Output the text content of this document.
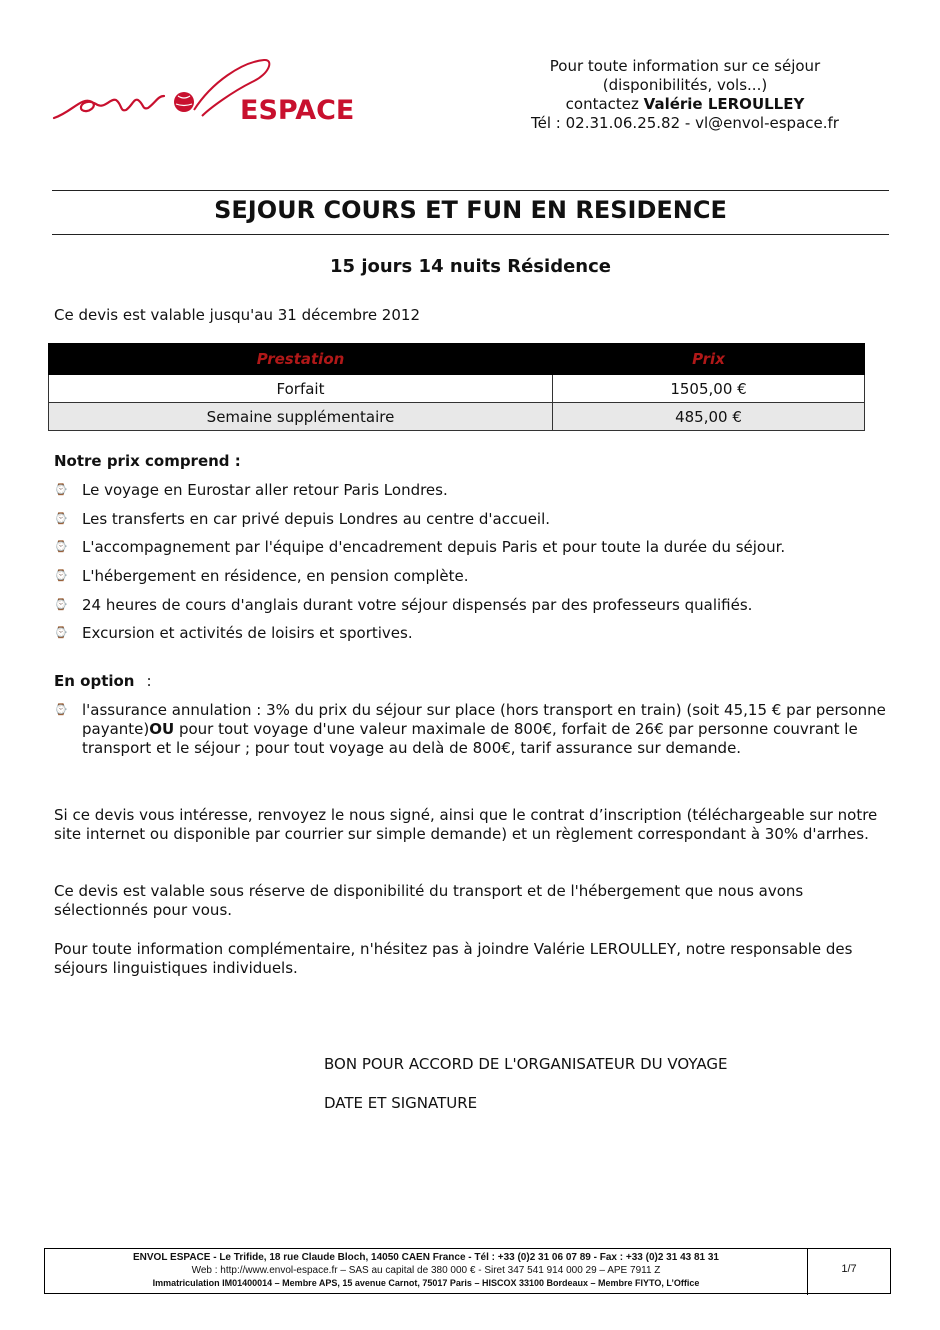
ESPACE
Pour toute information sur ce séjour
(disponibilités, vols...)
contactez Valérie LEROULLEY
Tél : 02.31.06.25.82 - vl@envol-espace.fr
SEJOUR COURS ET FUN EN RESIDENCE
15 jours 14 nuits Résidence
Ce devis est valable jusqu'au 31 décembre 2012
Prestation	Prix
Forfait	1505,00 €
Semaine supplémentaire	485,00 €
Notre prix comprend :
⌚ Le voyage en Eurostar aller retour Paris Londres.
⌚ Les transferts en car privé depuis Londres au centre d'accueil.
⌚ L'accompagnement par l'équipe d'encadrement depuis Paris et pour toute la durée du séjour.
⌚ L'hébergement en résidence, en pension complète.
⌚ 24 heures de cours d'anglais durant votre séjour dispensés par des professeurs qualifiés.
⌚ Excursion et activités de loisirs et sportives.
En option :
⌚ l'assurance annulation : 3% du prix du séjour sur place (hors transport en train) (soit 45,15 € par personne payante)OU pour tout voyage d'une valeur maximale de 800€, forfait de 26€ par personne couvrant le transport et le séjour ; pour tout voyage au delà de 800€, tarif assurance sur demande.
Si ce devis vous intéresse, renvoyez le nous signé, ainsi que le contrat d’inscription (téléchargeable sur notre site internet ou disponible par courrier sur simple demande) et un règlement correspondant à 30% d'arrhes.
Ce devis est valable sous réserve de disponibilité du transport et de l'hébergement que nous avons sélectionnés pour vous.
Pour toute information complémentaire, n'hésitez pas à joindre Valérie LEROULLEY, notre responsable des séjours linguistiques individuels.
BON POUR ACCORD DE L'ORGANISATEUR DU VOYAGE
DATE ET SIGNATURE
ENVOL ESPACE - Le Trifide, 18 rue Claude Bloch, 14050 CAEN France - Tél : +33 (0)2 31 06 07 89 - Fax : +33 (0)2 31 43 81 31
Web : http://www.envol-espace.fr – SAS au capital de 380 000 € - Siret 347 541 914 000 29 – APE 7911 Z
Immatriculation IM01400014 – Membre APS, 15 avenue Carnot, 75017 Paris – HISCOX 33100 Bordeaux – Membre FIYTO, L’Office
1/7
